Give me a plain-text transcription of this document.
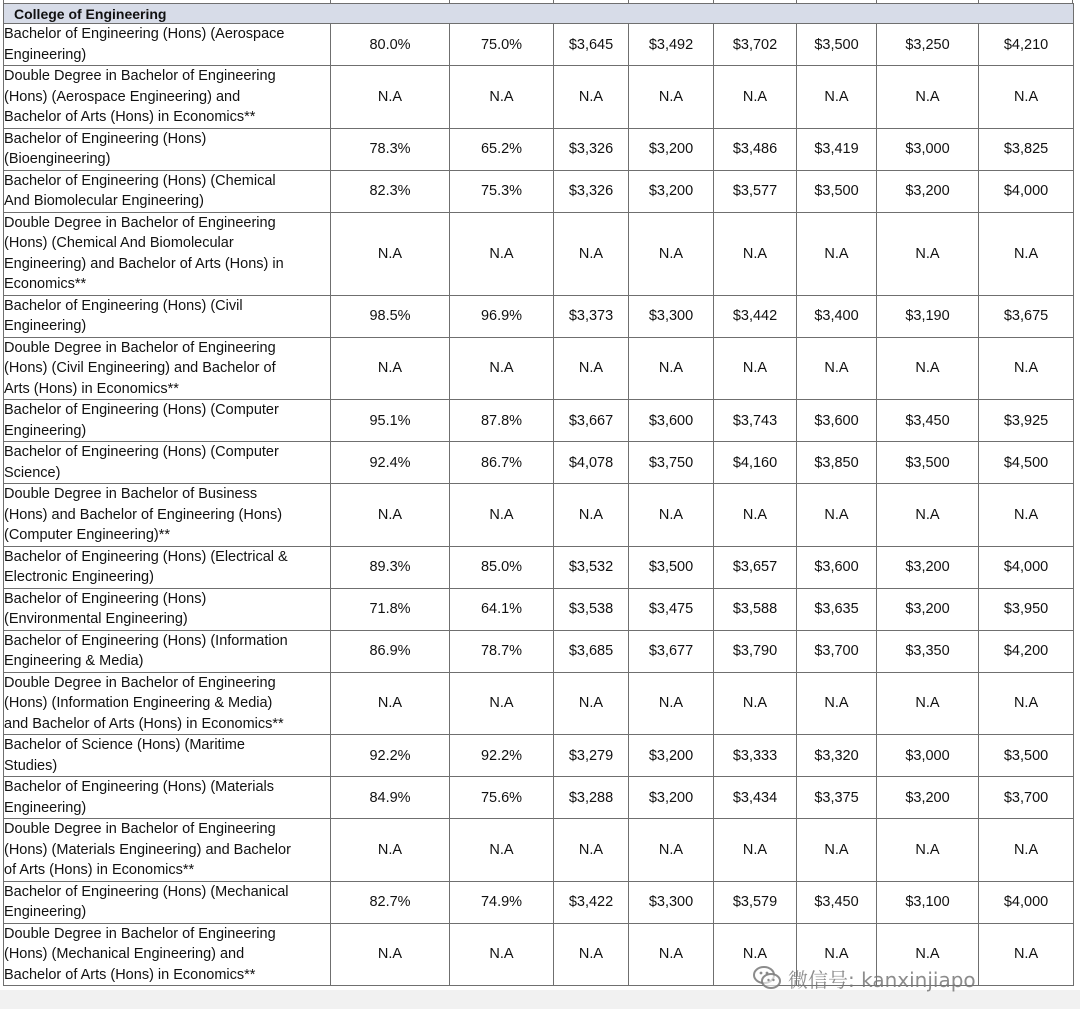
College of Engineering								

Bachelor of Engineering (Hons) (Aerospace
Engineering)	80.0%	75.0%	$3,645	$3,492	$3,702	$3,500	$3,250	$4,210

Double Degree in Bachelor of Engineering
(Hons) (Aerospace Engineering) and
Bachelor of Arts (Hons) in Economics**	N.A	N.A	N.A	N.A	N.A	N.A	N.A	N.A

Bachelor of Engineering (Hons)
(Bioengineering)	78.3%	65.2%	$3,326	$3,200	$3,486	$3,419	$3,000	$3,825

Bachelor of Engineering (Hons) (Chemical
And Biomolecular Engineering)	82.3%	75.3%	$3,326	$3,200	$3,577	$3,500	$3,200	$4,000

Double Degree in Bachelor of Engineering
(Hons) (Chemical And Biomolecular
Engineering) and Bachelor of Arts (Hons) in
Economics**	N.A	N.A	N.A	N.A	N.A	N.A	N.A	N.A

Bachelor of Engineering (Hons) (Civil
Engineering)	98.5%	96.9%	$3,373	$3,300	$3,442	$3,400	$3,190	$3,675

Double Degree in Bachelor of Engineering
(Hons) (Civil Engineering) and Bachelor of
Arts (Hons) in Economics**	N.A	N.A	N.A	N.A	N.A	N.A	N.A	N.A

Bachelor of Engineering (Hons) (Computer
Engineering)	95.1%	87.8%	$3,667	$3,600	$3,743	$3,600	$3,450	$3,925

Bachelor of Engineering (Hons) (Computer
Science)	92.4%	86.7%	$4,078	$3,750	$4,160	$3,850	$3,500	$4,500

Double Degree in Bachelor of Business
(Hons) and Bachelor of Engineering (Hons)
(Computer Engineering)**	N.A	N.A	N.A	N.A	N.A	N.A	N.A	N.A

Bachelor of Engineering (Hons) (Electrical &
Electronic Engineering)	89.3%	85.0%	$3,532	$3,500	$3,657	$3,600	$3,200	$4,000

Bachelor of Engineering (Hons)
(Environmental Engineering)	71.8%	64.1%	$3,538	$3,475	$3,588	$3,635	$3,200	$3,950

Bachelor of Engineering (Hons) (Information
Engineering & Media)	86.9%	78.7%	$3,685	$3,677	$3,790	$3,700	$3,350	$4,200

Double Degree in Bachelor of Engineering
(Hons) (Information Engineering & Media)
and Bachelor of Arts (Hons) in Economics**	N.A	N.A	N.A	N.A	N.A	N.A	N.A	N.A

Bachelor of Science (Hons) (Maritime
Studies)	92.2%	92.2%	$3,279	$3,200	$3,333	$3,320	$3,000	$3,500

Bachelor of Engineering (Hons) (Materials
Engineering)	84.9%	75.6%	$3,288	$3,200	$3,434	$3,375	$3,200	$3,700

Double Degree in Bachelor of Engineering
(Hons) (Materials Engineering) and Bachelor
of Arts (Hons) in Economics**	N.A	N.A	N.A	N.A	N.A	N.A	N.A	N.A

Bachelor of Engineering (Hons) (Mechanical
Engineering)	82.7%	74.9%	$3,422	$3,300	$3,579	$3,450	$3,100	$4,000

Double Degree in Bachelor of Engineering
(Hons) (Mechanical Engineering) and
Bachelor of Arts (Hons) in Economics**	N.A	N.A	N.A	N.A	N.A	N.A	N.A	N.A

微信号: kanxinjiapo
